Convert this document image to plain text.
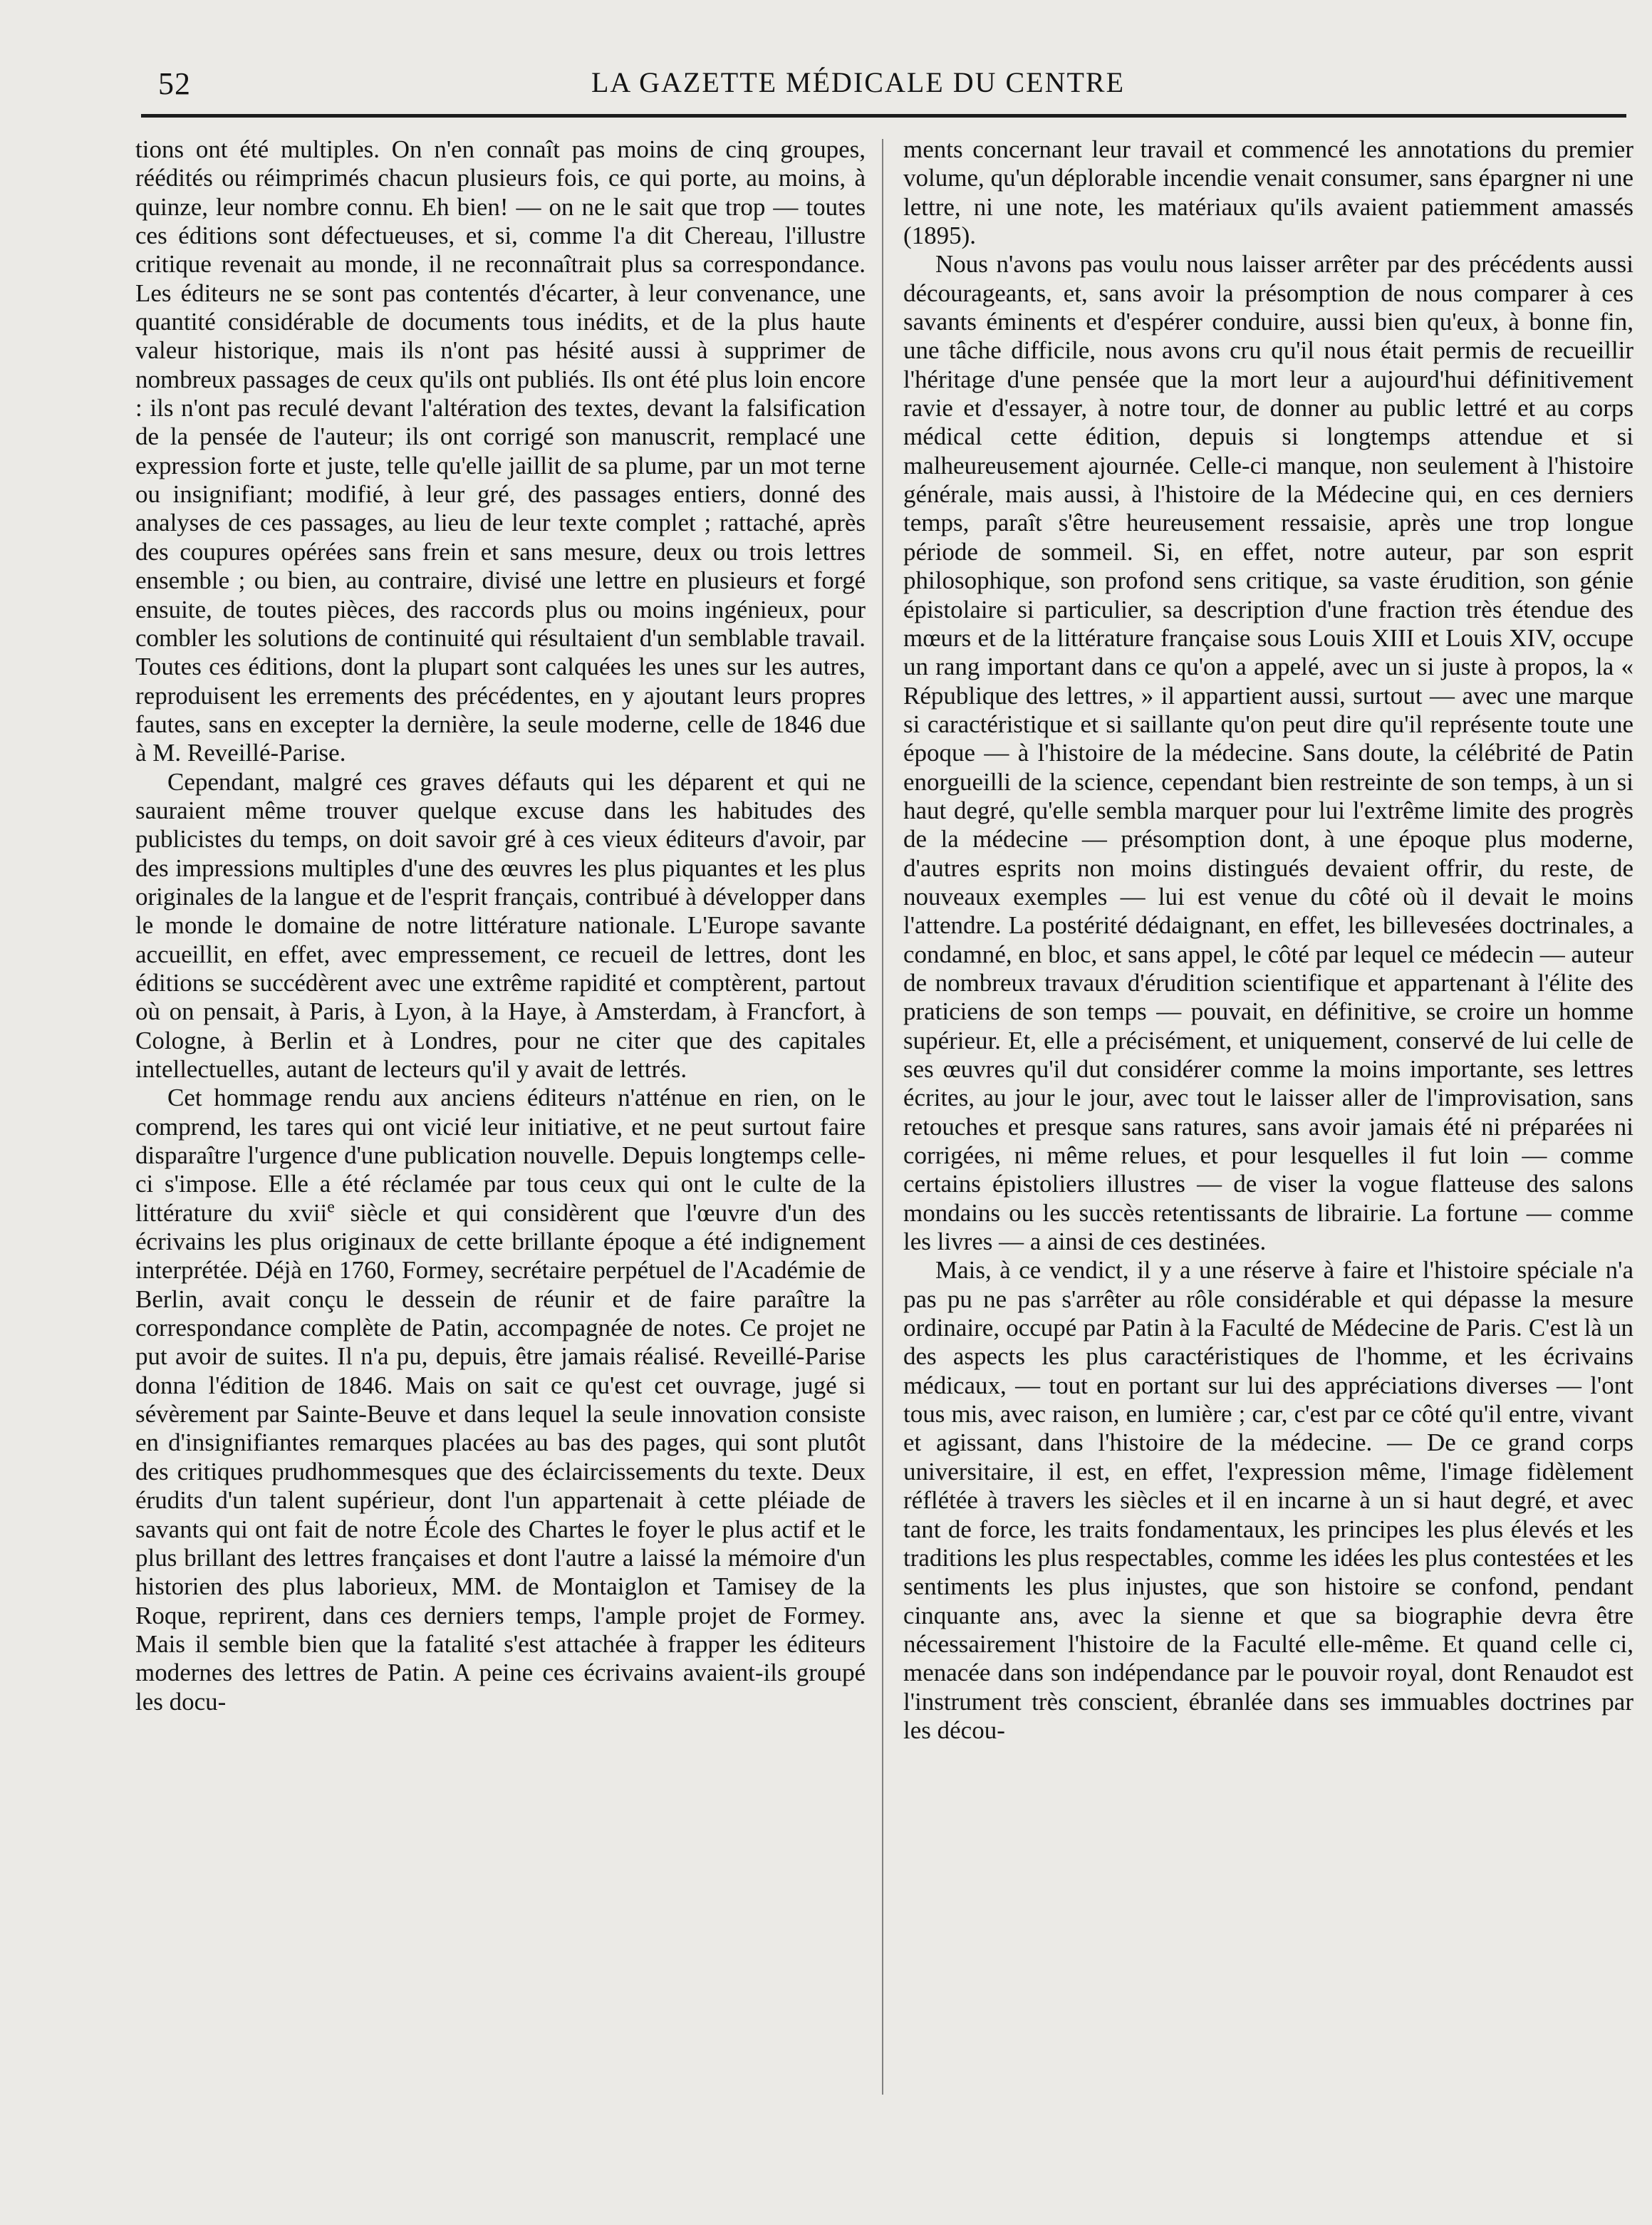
52	LA GAZETTE MÉDICALE DU CENTRE

tions ont été multiples. On n'en connaît pas moins de cinq groupes, réédités ou réimprimés chacun plusieurs fois, ce qui porte, au moins, à quinze, leur nombre connu. Eh bien! — on ne le sait que trop — toutes ces éditions sont défectueuses, et si, comme l'a dit Chereau, l'illustre critique revenait au monde, il ne reconnaîtrait plus sa correspondance. Les éditeurs ne se sont pas contentés d'écarter, à leur convenance, une quantité considérable de documents tous inédits, et de la plus haute valeur historique, mais ils n'ont pas hésité aussi à supprimer de nombreux passages de ceux qu'ils ont publiés. Ils ont été plus loin encore : ils n'ont pas reculé devant l'altération des textes, devant la falsification de la pensée de l'auteur; ils ont corrigé son manuscrit, remplacé une expression forte et juste, telle qu'elle jaillit de sa plume, par un mot terne ou insignifiant; modifié, à leur gré, des passages entiers, donné des analyses de ces passages, au lieu de leur texte complet ; rattaché, après des coupures opérées sans frein et sans mesure, deux ou trois lettres ensemble ; ou bien, au contraire, divisé une lettre en plusieurs et forgé ensuite, de toutes pièces, des raccords plus ou moins ingénieux, pour combler les solutions de continuité qui résultaient d'un semblable travail. Toutes ces éditions, dont la plupart sont calquées les unes sur les autres, reproduisent les errements des précédentes, en y ajoutant leurs propres fautes, sans en excepter la dernière, la seule moderne, celle de 1846 due à M. Reveillé-Parise.

Cependant, malgré ces graves défauts qui les déparent et qui ne sauraient même trouver quelque excuse dans les habitudes des publicistes du temps, on doit savoir gré à ces vieux éditeurs d'avoir, par des impressions multiples d'une des œuvres les plus piquantes et les plus originales de la langue et de l'esprit français, contribué à développer dans le monde le domaine de notre littérature nationale. L'Europe savante accueillit, en effet, avec empressement, ce recueil de lettres, dont les éditions se succédèrent avec une extrême rapidité et comptèrent, partout où on pensait, à Paris, à Lyon, à la Haye, à Amsterdam, à Francfort, à Cologne, à Berlin et à Londres, pour ne citer que des capitales intellectuelles, autant de lecteurs qu'il y avait de lettrés.

Cet hommage rendu aux anciens éditeurs n'atténue en rien, on le comprend, les tares qui ont vicié leur initiative, et ne peut surtout faire disparaître l'urgence d'une publication nouvelle. Depuis longtemps celle-ci s'impose. Elle a été réclamée par tous ceux qui ont le culte de la littérature du xvii$^e$ siècle et qui considèrent que l'œuvre d'un des écrivains les plus originaux de cette brillante époque a été indignement interprétée. Déjà en 1760, Formey, secrétaire perpétuel de l'Académie de Berlin, avait conçu le dessein de réunir et de faire paraître la correspondance complète de Patin, accompagnée de notes. Ce projet ne put avoir de suites. Il n'a pu, depuis, être jamais réalisé. Reveillé-Parise donna l'édition de 1846. Mais on sait ce qu'est cet ouvrage, jugé si sévèrement par Sainte-Beuve et dans lequel la seule innovation consiste en d'insignifiantes remarques placées au bas des pages, qui sont plutôt des critiques prudhommesques que des éclaircissements du texte. Deux érudits d'un talent supérieur, dont l'un appartenait à cette pléiade de savants qui ont fait de notre École des Chartes le foyer le plus actif et le plus brillant des lettres françaises et dont l'autre a laissé la mémoire d'un historien des plus laborieux, MM. de Montaiglon et Tamisey de la Roque, reprirent, dans ces derniers temps, l'ample projet de Formey. Mais il semble bien que la fatalité s'est attachée à frapper les éditeurs modernes des lettres de Patin. A peine ces écrivains avaient-ils groupé les docu-

ments concernant leur travail et commencé les annotations du premier volume, qu'un déplorable incendie venait consumer, sans épargner ni une lettre, ni une note, les matériaux qu'ils avaient patiemment amassés (1895).

Nous n'avons pas voulu nous laisser arrêter par des précédents aussi décourageants, et, sans avoir la présomption de nous comparer à ces savants éminents et d'espérer conduire, aussi bien qu'eux, à bonne fin, une tâche difficile, nous avons cru qu'il nous était permis de recueillir l'héritage d'une pensée que la mort leur a aujourd'hui définitivement ravie et d'essayer, à notre tour, de donner au public lettré et au corps médical cette édition, depuis si longtemps attendue et si malheureusement ajournée. Celle-ci manque, non seulement à l'histoire générale, mais aussi, à l'histoire de la Médecine qui, en ces derniers temps, paraît s'être heureusement ressaisie, après une trop longue période de sommeil. Si, en effet, notre auteur, par son esprit philosophique, son profond sens critique, sa vaste érudition, son génie épistolaire si particulier, sa description d'une fraction très étendue des mœurs et de la littérature française sous Louis XIII et Louis XIV, occupe un rang important dans ce qu'on a appelé, avec un si juste à propos, la « République des lettres, » il appartient aussi, surtout — avec une marque si caractéristique et si saillante qu'on peut dire qu'il représente toute une époque — à l'histoire de la médecine. Sans doute, la célébrité de Patin enorgueilli de la science, cependant bien restreinte de son temps, à un si haut degré, qu'elle sembla marquer pour lui l'extrême limite des progrès de la médecine — présomption dont, à une époque plus moderne, d'autres esprits non moins distingués devaient offrir, du reste, de nouveaux exemples — lui est venue du côté où il devait le moins l'attendre. La postérité dédaignant, en effet, les billevesées doctrinales, a condamné, en bloc, et sans appel, le côté par lequel ce médecin — auteur de nombreux travaux d'érudition scientifique et appartenant à l'élite des praticiens de son temps — pouvait, en définitive, se croire un homme supérieur. Et, elle a précisément, et uniquement, conservé de lui celle de ses œuvres qu'il dut considérer comme la moins importante, ses lettres écrites, au jour le jour, avec tout le laisser aller de l'improvisation, sans retouches et presque sans ratures, sans avoir jamais été ni préparées ni corrigées, ni même relues, et pour lesquelles il fut loin — comme certains épistoliers illustres — de viser la vogue flatteuse des salons mondains ou les succès retentissants de librairie. La fortune — comme les livres — a ainsi de ces destinées.

Mais, à ce vendict, il y a une réserve à faire et l'histoire spéciale n'a pas pu ne pas s'arrêter au rôle considérable et qui dépasse la mesure ordinaire, occupé par Patin à la Faculté de Médecine de Paris. C'est là un des aspects les plus caractéristiques de l'homme, et les écrivains médicaux, — tout en portant sur lui des appréciations diverses — l'ont tous mis, avec raison, en lumière ; car, c'est par ce côté qu'il entre, vivant et agissant, dans l'histoire de la médecine. — De ce grand corps universitaire, il est, en effet, l'expression même, l'image fidèlement réflétée à travers les siècles et il en incarne à un si haut degré, et avec tant de force, les traits fondamentaux, les principes les plus élevés et les traditions les plus respectables, comme les idées les plus contestées et les sentiments les plus injustes, que son histoire se confond, pendant cinquante ans, avec la sienne et que sa biographie devra être nécessairement l'histoire de la Faculté elle-même. Et quand celle ci, menacée dans son indépendance par le pouvoir royal, dont Renaudot est l'instrument très conscient, ébranlée dans ses immuables doctrines par les décou-
